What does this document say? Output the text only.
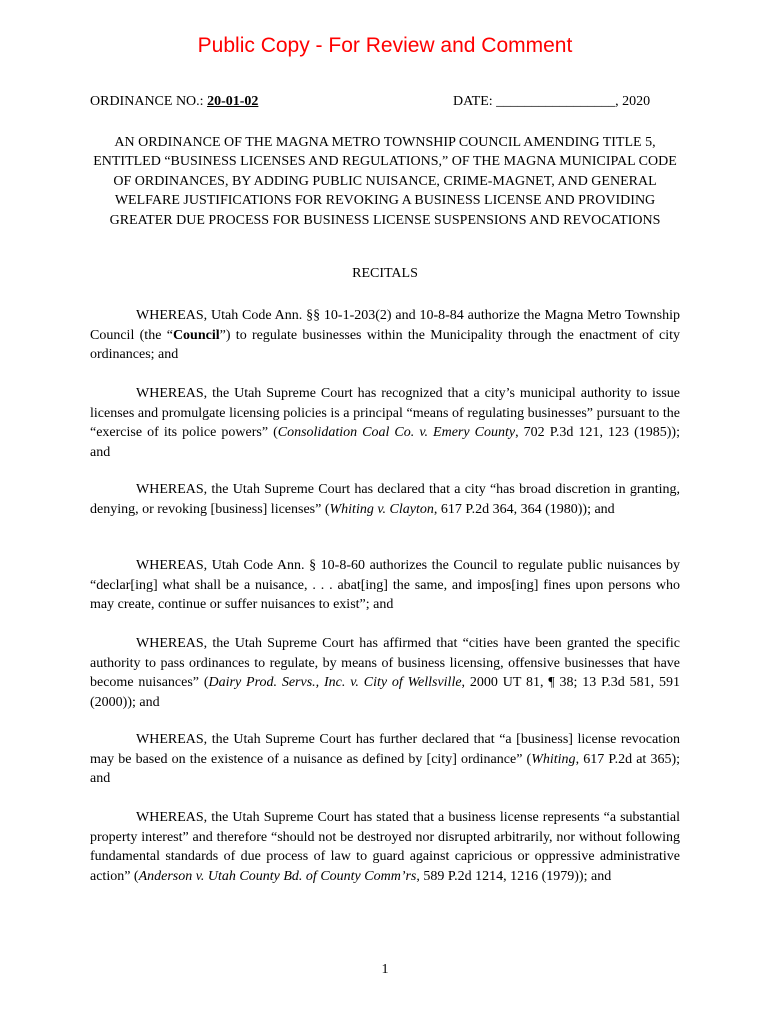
Public Copy - For Review and Comment
ORDINANCE NO.: 20-01-02	DATE: _________________, 2020
AN ORDINANCE OF THE MAGNA METRO TOWNSHIP COUNCIL AMENDING TITLE 5, ENTITLED “BUSINESS LICENSES AND REGULATIONS,” OF THE MAGNA MUNICIPAL CODE OF ORDINANCES, BY ADDING PUBLIC NUISANCE, CRIME-MAGNET, AND GENERAL WELFARE JUSTIFICATIONS FOR REVOKING A BUSINESS LICENSE AND PROVIDING GREATER DUE PROCESS FOR BUSINESS LICENSE SUSPENSIONS AND REVOCATIONS
RECITALS
WHEREAS, Utah Code Ann. §§ 10-1-203(2) and 10-8-84 authorize the Magna Metro Township Council (the “Council”) to regulate businesses within the Municipality through the enactment of city ordinances; and
WHEREAS, the Utah Supreme Court has recognized that a city’s municipal authority to issue licenses and promulgate licensing policies is a principal “means of regulating businesses” pursuant to the “exercise of its police powers” (Consolidation Coal Co. v. Emery County, 702 P.3d 121, 123 (1985)); and
WHEREAS, the Utah Supreme Court has declared that a city “has broad discretion in granting, denying, or revoking [business] licenses” (Whiting v. Clayton, 617 P.2d 364, 364 (1980)); and
WHEREAS, Utah Code Ann. § 10-8-60 authorizes the Council to regulate public nuisances by “declar[ing] what shall be a nuisance, . . . abat[ing] the same, and impos[ing] fines upon persons who may create, continue or suffer nuisances to exist”; and
WHEREAS, the Utah Supreme Court has affirmed that “cities have been granted the specific authority to pass ordinances to regulate, by means of business licensing, offensive businesses that have become nuisances” (Dairy Prod. Servs., Inc. v. City of Wellsville, 2000 UT 81, ¶ 38; 13 P.3d 581, 591 (2000)); and
WHEREAS, the Utah Supreme Court has further declared that “a [business] license revocation may be based on the existence of a nuisance as defined by [city] ordinance” (Whiting, 617 P.2d at 365); and
WHEREAS, the Utah Supreme Court has stated that a business license represents “a substantial property interest” and therefore “should not be destroyed nor disrupted arbitrarily, nor without following fundamental standards of due process of law to guard against capricious or oppressive administrative action” (Anderson v. Utah County Bd. of County Comm’rs, 589 P.2d 1214, 1216 (1979)); and
1
